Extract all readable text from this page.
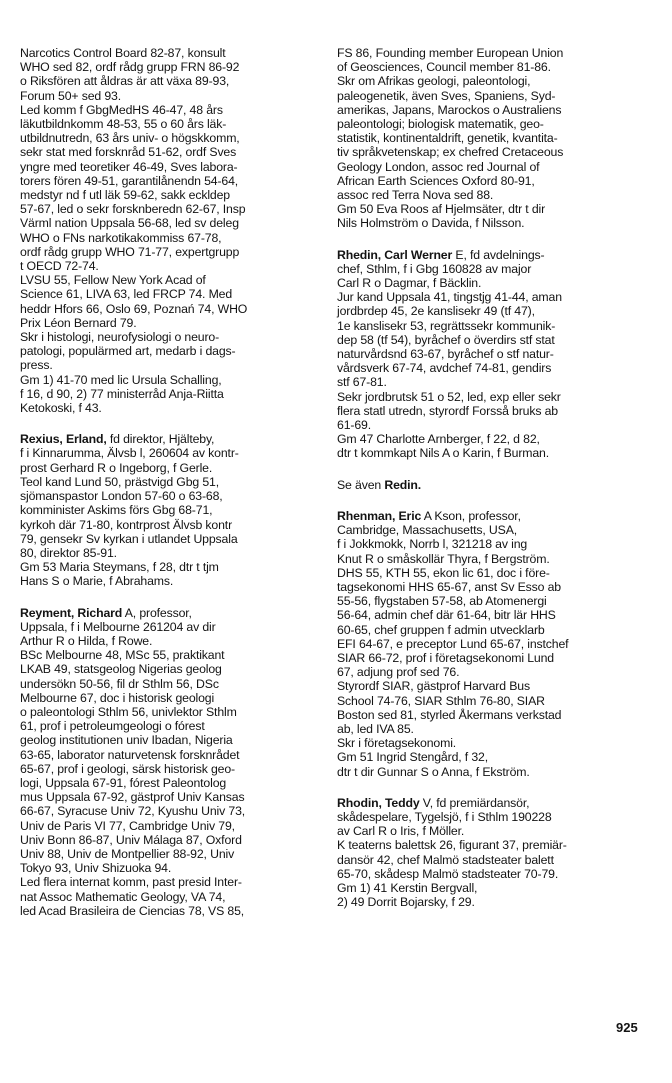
Narcotics Control Board 82-87, konsult
WHO sed 82, ordf rådg grupp FRN 86-92
o Riksfören att åldras är att växa 89-93,
Forum 50+ sed 93.
Led komm f GbgMedHS 46-47, 48 års
läkutbildnkomm 48-53, 55 o 60 års läk-
utbildnutredn, 63 års univ- o högskkomm,
sekr stat med forsknråd 51-62, ordf Sves
yngre med teoretiker 46-49, Sves labora-
torers fören 49-51, garantilånendn 54-64,
medstyr nd f utl läk 59-62, sakk eckldep
57-67, led o sekr forsknberedn 62-67, Insp
Värml nation Uppsala 56-68, led sv deleg
WHO o FNs narkotikakommiss 67-78,
ordf rådg grupp WHO 71-77, expertgrupp
t OECD 72-74.
LVSU 55, Fellow New York Acad of
Science 61, LIVA 63, led FRCP 74. Med
heddr Hfors 66, Oslo 69, Poznań 74, WHO
Prix Léon Bernard 79.
Skr i histologi, neurofysiologi o neuro-
patologi, populärmed art, medarb i dags-
press.
Gm 1) 41-70 med lic Ursula Schalling,
f 16, d 90, 2) 77 ministerråd Anja-Riitta
Ketokoski, f 43.

Rexius, Erland, fd direktor, Hjälteby,
f i Kinnarumma, Älvsb l, 260604 av kontr-
prost Gerhard R o Ingeborg, f Gerle.
Teol kand Lund 50, prästvigd Gbg 51,
sjömanspastor London 57-60 o 63-68,
komminister Askims förs Gbg 68-71,
kyrkoh där 71-80, kontrprost Älvsb kontr
79, gensekr Sv kyrkan i utlandet Uppsala
80, direktor 85-91.
Gm 53 Maria Steymans, f 28, dtr t tjm
Hans S o Marie, f Abrahams.

Reyment, Richard A, professor,
Uppsala, f i Melbourne 261204 av dir
Arthur R o Hilda, f Rowe.
BSc Melbourne 48, MSc 55, praktikant
LKAB 49, statsgeolog Nigerias geolog
undersökn 50-56, fil dr Sthlm 56, DSc
Melbourne 67, doc i historisk geologi
o paleontologi Sthlm 56, univlektor Sthlm
61, prof i petroleumgeologi o fórest
geolog institutionen univ Ibadan, Nigeria
63-65, laborator naturvetensk forsknrådet
65-67, prof i geologi, särsk historisk geo-
logi, Uppsala 67-91, fórest Paleontolog
mus Uppsala 67-92, gästprof Univ Kansas
66-67, Syracuse Univ 72, Kyushu Univ 73,
Univ de Paris VI 77, Cambridge Univ 79,
Univ Bonn 86-87, Univ Málaga 87, Oxford
Univ 88, Univ de Montpellier 88-92, Univ
Tokyo 93, Univ Shizuoka 94.
Led flera internat komm, past presid Inter-
nat Assoc Mathematic Geology, VA 74,
led Acad Brasileira de Ciencias 78, VS 85,

FS 86, Founding member European Union
of Geosciences, Council member 81-86.
Skr om Afrikas geologi, paleontologi,
paleogenetik, även Sves, Spaniens, Syd-
amerikas, Japans, Marockos o Australiens
paleontologi; biologisk matematik, geo-
statistik, kontinentaldrift, genetik, kvantita-
tiv språkvetenskap; ex chefred Cretaceous
Geology London, assoc red Journal of
African Earth Sciences Oxford 80-91,
assoc red Terra Nova sed 88.
Gm 50 Eva Roos af Hjelmsäter, dtr t dir
Nils Holmström o Davida, f Nilsson.

Rhedin, Carl Werner E, fd avdelnings-
chef, Sthlm, f i Gbg 160828 av major
Carl R o Dagmar, f Bäcklin.
Jur kand Uppsala 41, tingstjg 41-44, aman
jordbrdep 45, 2e kanslisekr 49 (tf 47),
1e kanslisekr 53, regrättssekr kommunik-
dep 58 (tf 54), byråchef o överdirs stf stat
naturvårdsnd 63-67, byråchef o stf natur-
vårdsverk 67-74, avdchef 74-81, gendirs
stf 67-81.
Sekr jordbrutsk 51 o 52, led, exp eller sekr
flera statl utredn, styrordf Forsså bruks ab
61-69.
Gm 47 Charlotte Arnberger, f 22, d 82,
dtr t kommkapt Nils A o Karin, f Burman.

Se även Redin.

Rhenman, Eric A Kson, professor,
Cambridge, Massachusetts, USA,
f i Jokkmokk, Norrb l, 321218 av ing
Knut R o småskollär Thyra, f Bergström.
DHS 55, KTH 55, ekon lic 61, doc i före-
tagsekonomi HHS 65-67, anst Sv Esso ab
55-56, flygstaben 57-58, ab Atomenergi
56-64, admin chef där 61-64, bitr lär HHS
60-65, chef gruppen f admin utvecklarb
EFI 64-67, e preceptor Lund 65-67, instchef
SIAR 66-72, prof i företagsekonomi Lund
67, adjung prof sed 76.
Styrordf SIAR, gästprof Harvard Bus
School 74-76, SIAR Sthlm 76-80, SIAR
Boston sed 81, styrled Åkermans verkstad
ab, led IVA 85.
Skr i företagsekonomi.
Gm 51 Ingrid Stengård, f 32,
dtr t dir Gunnar S o Anna, f Ekström.

Rhodin, Teddy V, fd premiärdansör,
skådespelare, Tygelsjö, f i Sthlm 190228
av Carl R o Iris, f Möller.
K teaterns balettsk 26, figurant 37, premiär-
dansör 42, chef Malmö stadsteater balett
65-70, skådesp Malmö stadsteater 70-79.
Gm 1) 41 Kerstin Bergvall,
2) 49 Dorrit Bojarsky, f 29.

925
